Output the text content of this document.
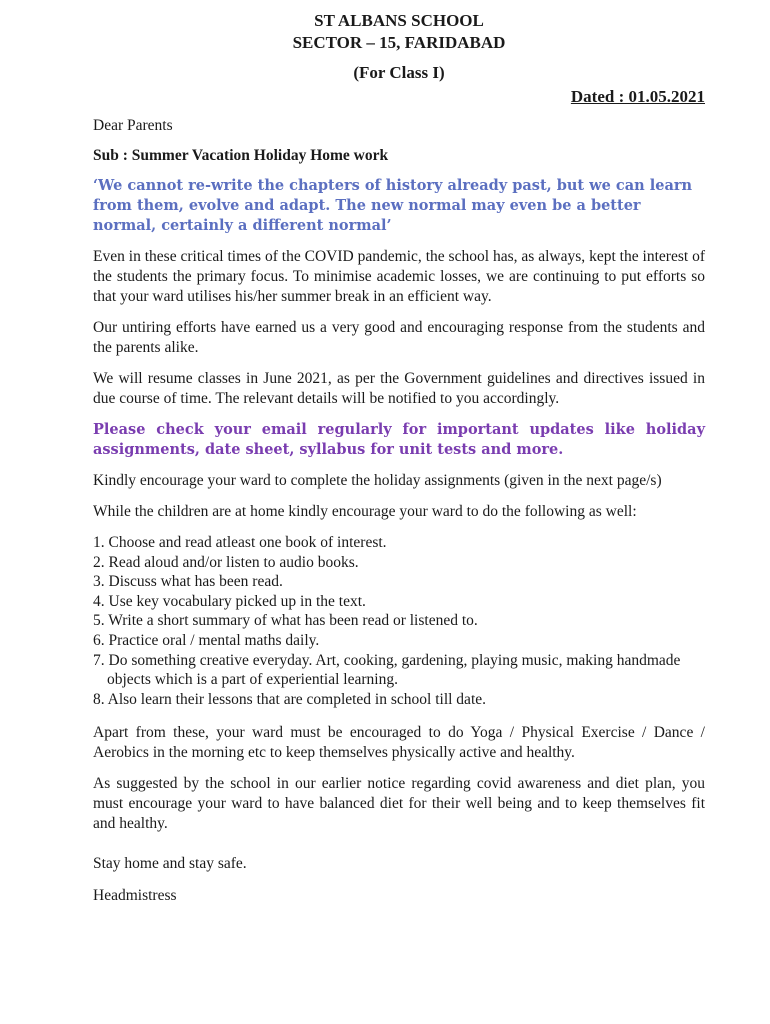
ST ALBANS SCHOOL
SECTOR – 15, FARIDABAD
(For Class I)
Dated : 01.05.2021

Dear Parents

Sub : Summer Vacation Holiday Home work

‘We cannot re-write the chapters of history already past, but we can learn from them, evolve and adapt. The new normal may even be a better normal, certainly a different normal’

Even in these critical times of the COVID pandemic, the school has, as always, kept the interest of the students the primary focus. To minimise academic losses, we are continuing to put efforts so that your ward utilises his/her summer break in an efficient way.

Our untiring efforts have earned us a very good and encouraging response from the students and the parents alike.

We will resume classes in June 2021, as per the Government guidelines and directives issued in due course of time. The relevant details will be notified to you accordingly.

Please check your email regularly for important updates like holiday assignments, date sheet, syllabus for unit tests and more.

Kindly encourage your ward to complete the holiday assignments (given in the next page/s)

While the children are at home kindly encourage your ward to do the following as well:

1. Choose and read atleast one book of interest.
2. Read aloud and/or listen to audio books.
3. Discuss what has been read.
4. Use key vocabulary picked up in the text.
5. Write a short summary of what has been read or listened to.
6. Practice oral / mental maths daily.
7. Do something creative everyday. Art, cooking, gardening, playing music, making handmade objects which is a part of experiential learning.
8. Also learn their lessons that are completed in school till date.

Apart from these, your ward must be encouraged to do Yoga / Physical Exercise / Dance / Aerobics in the morning etc to keep themselves physically active and healthy.

As suggested by the school in our earlier notice regarding covid awareness and diet plan, you must encourage your ward to have balanced diet for their well being and to keep themselves fit and healthy.

Stay home and stay safe.

Headmistress
